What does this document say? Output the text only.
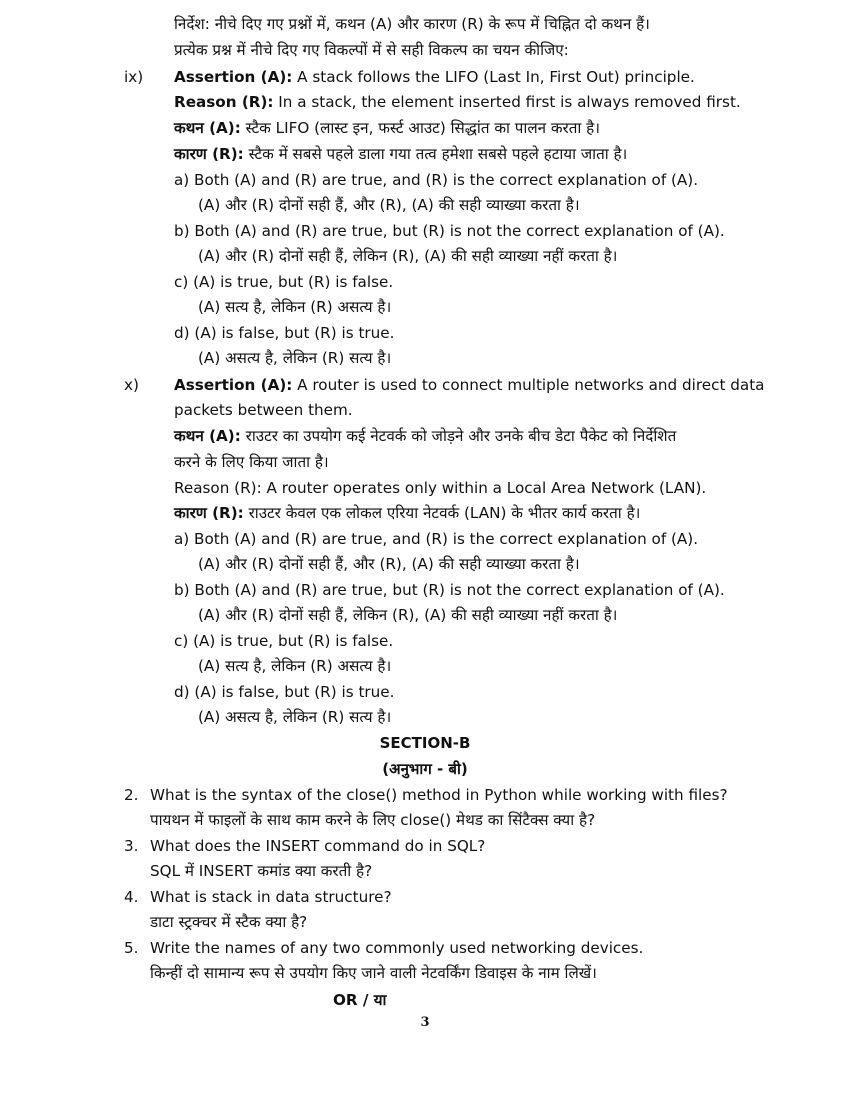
निर्देश: नीचे दिए गए प्रश्नों में, कथन (A) और कारण (R) के रूप में चिह्नित दो कथन हैं।
प्रत्येक प्रश्न में नीचे दिए गए विकल्पों में से सही विकल्प का चयन कीजिए:
ix) Assertion (A): A stack follows the LIFO (Last In, First Out) principle.
Reason (R): In a stack, the element inserted first is always removed first.
कथन (A): स्टैक LIFO (लास्ट इन, फर्स्ट आउट) सिद्धांत का पालन करता है।
कारण (R): स्टैक में सबसे पहले डाला गया तत्व हमेशा सबसे पहले हटाया जाता है।
a) Both (A) and (R) are true, and (R) is the correct explanation of (A).
(A) और (R) दोनों सही हैं, और (R), (A) की सही व्याख्या करता है।
b) Both (A) and (R) are true, but (R) is not the correct explanation of (A).
(A) और (R) दोनों सही हैं, लेकिन (R), (A) की सही व्याख्या नहीं करता है।
c) (A) is true, but (R) is false.
(A) सत्य है, लेकिन (R) असत्य है।
d) (A) is false, but (R) is true.
(A) असत्य है, लेकिन (R) सत्य है।
x) Assertion (A): A router is used to connect multiple networks and direct data
packets between them.
कथन (A): राउटर का उपयोग कई नेटवर्क को जोड़ने और उनके बीच डेटा पैकेट को निर्देशित
करने के लिए किया जाता है।
Reason (R): A router operates only within a Local Area Network (LAN).
कारण (R): राउटर केवल एक लोकल एरिया नेटवर्क (LAN) के भीतर कार्य करता है।
a) Both (A) and (R) are true, and (R) is the correct explanation of (A).
(A) और (R) दोनों सही हैं, और (R), (A) की सही व्याख्या करता है।
b) Both (A) and (R) are true, but (R) is not the correct explanation of (A).
(A) और (R) दोनों सही हैं, लेकिन (R), (A) की सही व्याख्या नहीं करता है।
c) (A) is true, but (R) is false.
(A) सत्य है, लेकिन (R) असत्य है।
d) (A) is false, but (R) is true.
(A) असत्य है, लेकिन (R) सत्य है।
SECTION-B
(अनुभाग - बी)
2. What is the syntax of the close() method in Python while working with files?
पायथन में फाइलों के साथ काम करने के लिए close() मेथड का सिंटैक्स क्या है?
3. What does the INSERT command do in SQL?
SQL में INSERT कमांड क्या करती है?
4. What is stack in data structure?
डाटा स्ट्रक्चर में स्टैक क्या है?
5. Write the names of any two commonly used networking devices.
किन्हीं दो सामान्य रूप से उपयोग किए जाने वाली नेटवर्किंग डिवाइस के नाम लिखें।
OR / या
3
